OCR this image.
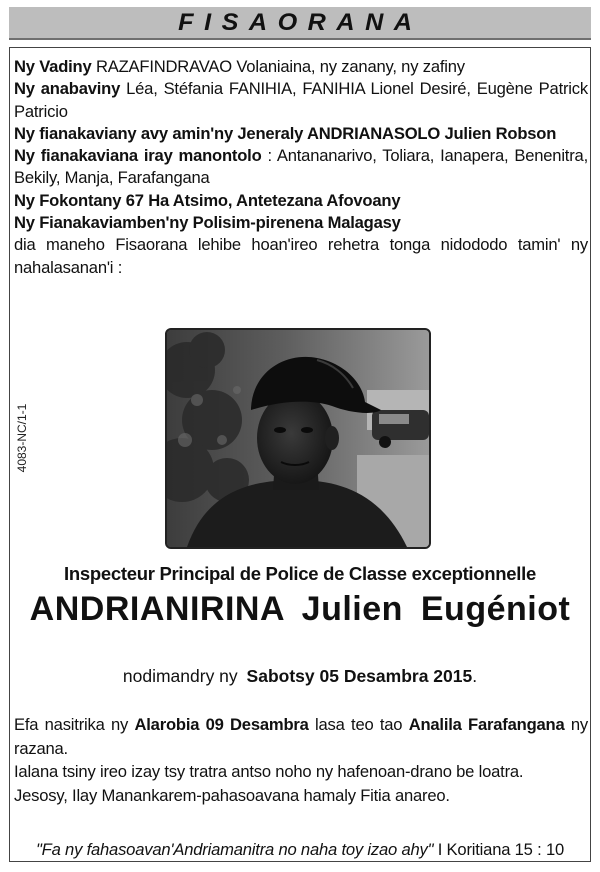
FISAORANA

Ny Vadiny RAZAFINDRAVAO Volaniaina, ny zanany, ny zafiny

Ny anabaviny Léa, Stéfania FANIHIA, FANIHIA Lionel Desiré, Eugène Patrick Patricio

Ny fianakaviany avy amin'ny Jeneraly ANDRIANASOLO Julien Robson

Ny fianakaviana iray manontolo : Antananarivo, Toliara, Ianapera, Benenitra, Bekily, Manja, Farafangana

Ny Fokontany 67 Ha Atsimo, Antetezana Afovoany

Ny Fianakaviamben'ny Polisim-pirenena Malagasy

dia maneho Fisaorana lehibe hoan'ireo rehetra tonga nidododo tamin' ny nahalasanan'i :

4083-NC/1-1
Inspecteur Principal de Police de Classe exceptionnelle
ANDRIANIRINA Julien Eugéniot
nodimandry ny Sabotsy 05 Desambra 2015.

Efa nasitrika ny Alarobia 09 Desambra lasa teo tao Analila Farafangana ny razana.

Ialana tsiny ireo izay tsy tratra antso noho ny hafenoan-drano be loatra.

Jesosy, Ilay Manankarem-pahasoavana hamaly Fitia anareo.

"Fa ny fahasoavan'Andriamanitra no naha toy izao ahy" I Koritiana 15 : 10
